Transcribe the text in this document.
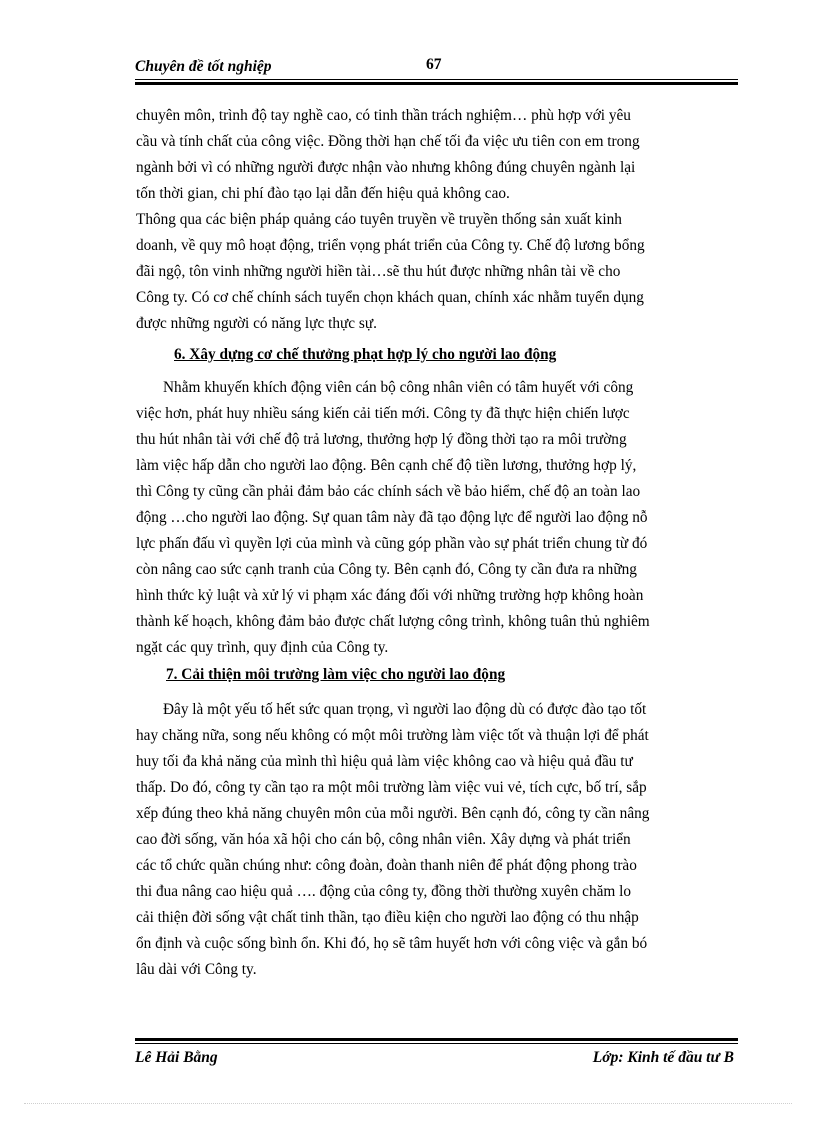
Chuyên đề tốt nghiệp	67
chuyên môn, trình độ tay nghề cao, có tinh thần trách nghiệm… phù hợp với yêu
cầu và tính chất của công việc. Đồng thời hạn chế tối đa việc ưu tiên con em trong
ngành bởi vì có những người được nhận vào nhưng không đúng chuyên ngành lại
tốn thời gian, chi phí đào tạo lại dẫn đến hiệu quả không cao.
Thông qua các biện pháp quảng cáo tuyên truyền về truyền thống sản xuất kinh
doanh, về quy mô hoạt động, triển vọng phát triển của Công ty. Chế độ lương bổng
đãi ngộ, tôn vinh những người hiền tài…sẽ thu hút được những nhân tài về cho
Công ty. Có cơ chế chính sách tuyển chọn khách quan, chính xác nhằm tuyển dụng
được những người có năng lực thực sự.
6. Xây dựng cơ chế thưởng phạt hợp lý cho người lao động
Nhằm khuyến khích động viên cán bộ công nhân viên có tâm huyết với công
việc hơn, phát huy nhiều sáng kiến cải tiến mới. Công ty đã thực hiện chiến lược
thu hút nhân tài với chế độ trả lương, thưởng hợp lý đồng thời tạo ra môi trường
làm việc hấp dẫn cho người lao động. Bên cạnh chế độ tiền lương, thưởng hợp lý,
thì Công ty cũng cần phải đảm bảo các chính sách về bảo hiểm, chế độ an toàn lao
động …cho người lao động. Sự quan tâm này đã tạo động lực để người lao động nỗ
lực phấn đấu vì quyền lợi của mình và cũng góp phần vào sự phát triển chung từ đó
còn nâng cao sức cạnh tranh của Công ty. Bên cạnh đó, Công ty cần đưa ra những
hình thức kỷ luật và xử lý vi phạm xác đáng đối với những trường hợp không hoàn
thành kế hoạch, không đảm bảo được chất lượng công trình, không tuân thủ nghiêm
ngặt các quy trình, quy định của Công ty.
7. Cải thiện môi trường làm việc cho người lao động
Đây là một yếu tố hết sức quan trọng, vì người lao động dù có được đào tạo tốt
hay chăng nữa, song nếu không có một môi trường làm việc tốt và thuận lợi để phát
huy tối đa khả năng của mình thì hiệu quả làm việc không cao và hiệu quả đầu tư
thấp. Do đó, công ty cần tạo ra một môi trường làm việc vui vẻ, tích cực, bố trí, sắp
xếp đúng theo khả năng chuyên môn của mỗi người. Bên cạnh đó, công ty cần nâng
cao đời sống, văn hóa xã hội cho cán bộ, công nhân viên. Xây dựng và phát triển
các tổ chức quần chúng như: công đoàn, đoàn thanh niên để phát động phong trào
thi đua nâng cao hiệu quả …. động của công ty, đồng thời thường xuyên chăm lo
cải thiện đời sống vật chất tinh thần, tạo điều kiện cho người lao động có thu nhập
ổn định và cuộc sống bình ổn. Khi đó, họ sẽ tâm huyết hơn với công việc và gắn bó
lâu dài với Công ty.
Lê Hải Bằng	Lớp: Kinh tế đầu tư B
